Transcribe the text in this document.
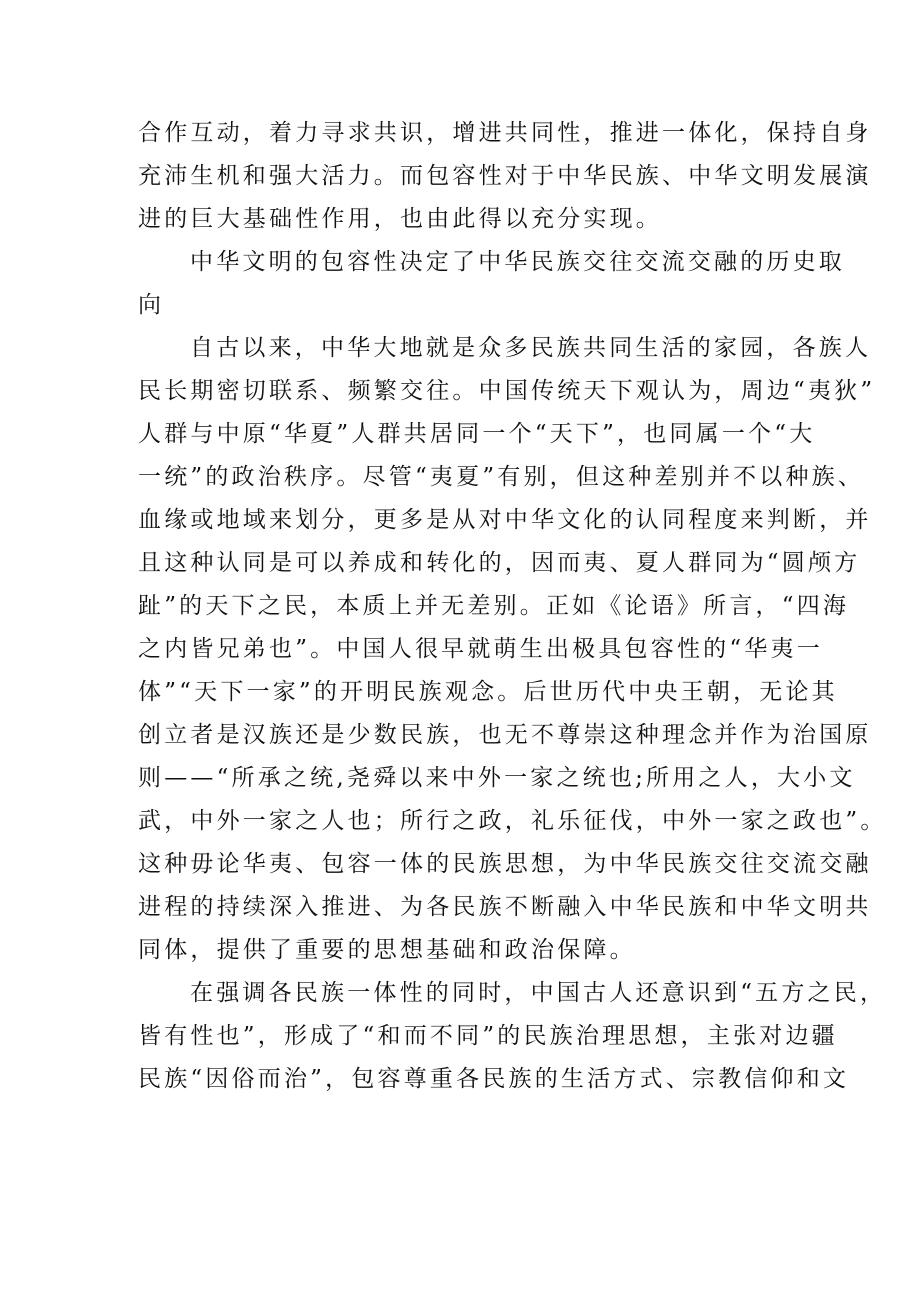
合作互动，着力寻求共识，增进共同性，推进一体化，保持自身
充沛生机和强大活力。而包容性对于中华民族、中华文明发展演
进的巨大基础性作用，也由此得以充分实现。
中华文明的包容性决定了中华民族交往交流交融的历史取
向
自古以来，中华大地就是众多民族共同生活的家园，各族人
民长期密切联系、频繁交往。中国传统天下观认为，周边“夷狄”
人群与中原“华夏”人群共居同一个“天下”，也同属一个“大
一统”的政治秩序。尽管“夷夏”有别，但这种差别并不以种族、
血缘或地域来划分，更多是从对中华文化的认同程度来判断，并
且这种认同是可以养成和转化的，因而夷、夏人群同为“圆颅方
趾”的天下之民，本质上并无差别。正如《论语》所言，“四海
之内皆兄弟也”。中国人很早就萌生出极具包容性的“华夷一
体”“天下一家”的开明民族观念。后世历代中央王朝，无论其
创立者是汉族还是少数民族，也无不尊崇这种理念并作为治国原
则——“所承之统,尧舜以来中外一家之统也;所用之人，大小文
武，中外一家之人也；所行之政，礼乐征伐，中外一家之政也”。
这种毋论华夷、包容一体的民族思想，为中华民族交往交流交融
进程的持续深入推进、为各民族不断融入中华民族和中华文明共
同体，提供了重要的思想基础和政治保障。
在强调各民族一体性的同时，中国古人还意识到“五方之民，
皆有性也”，形成了“和而不同”的民族治理思想，主张对边疆
民族“因俗而治”，包容尊重各民族的生活方式、宗教信仰和文
